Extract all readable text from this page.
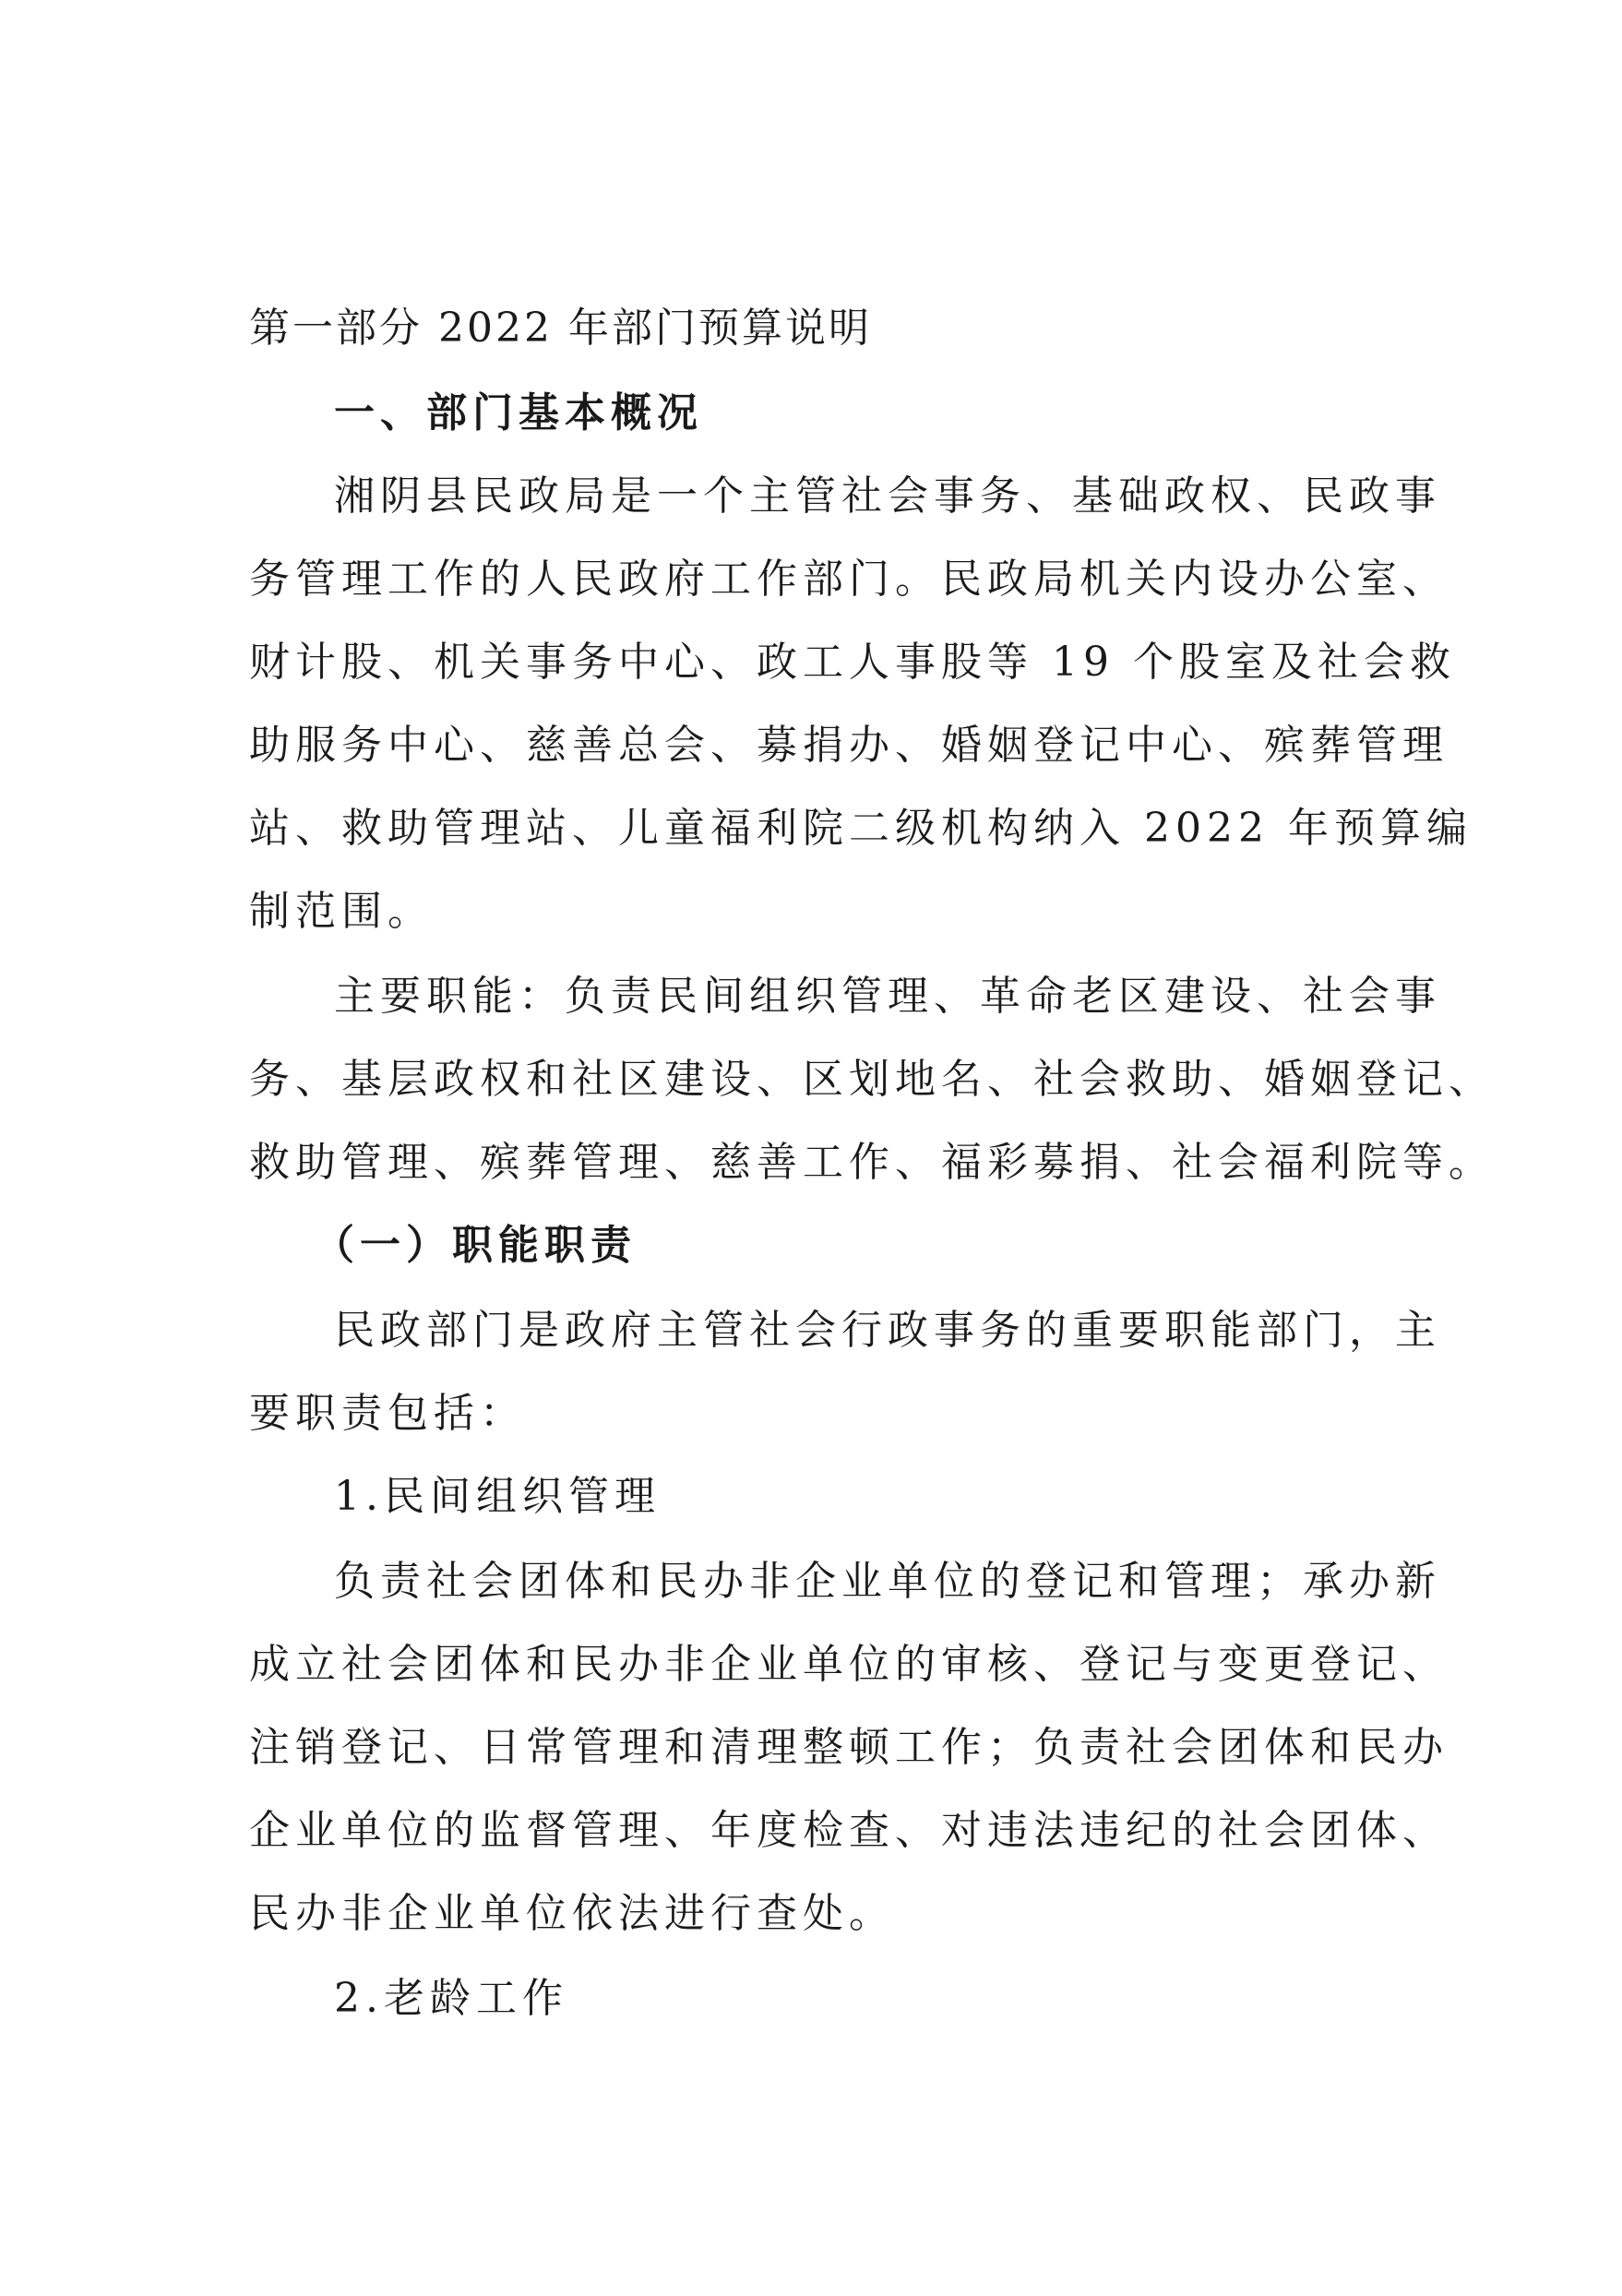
第一部分 2022 年部门预算说明
一、部门基本概况
湘阴县民政局是一个主管社会事务、基础政权、民政事
务管理工作的人民政府工作部门。民政局机关内设办公室、
财计股、机关事务中心、政工人事股等 19 个股室及社会救
助服务中心、慈善总会、募捐办、婚姻登记中心、殡葬管理
站、救助管理站、儿童福利院二级机构纳入 2022 年预算编
制范围。
主要职能：负责民间组织管理、革命老区建设、社会事
务、基层政权和社区建设、区划地名、社会救助、婚姻登记、
救助管理、殡葬管理、慈善工作、福彩募捐、社会福利院等。
（一）职能职责
民政部门是政府主管社会行政事务的重要职能部门，主
要职责包括：
1.民间组织管理
负责社会团体和民办非企业单位的登记和管理；承办新
成立社会团体和民办非企业单位的审核、登记与变更登记、
注销登记、日常管理和清理整顿工作；负责社会团体和民办
企业单位的监督管理、年度检查、对违法违纪的社会团体、
民办非企业单位依法进行查处。
2.老龄工作
